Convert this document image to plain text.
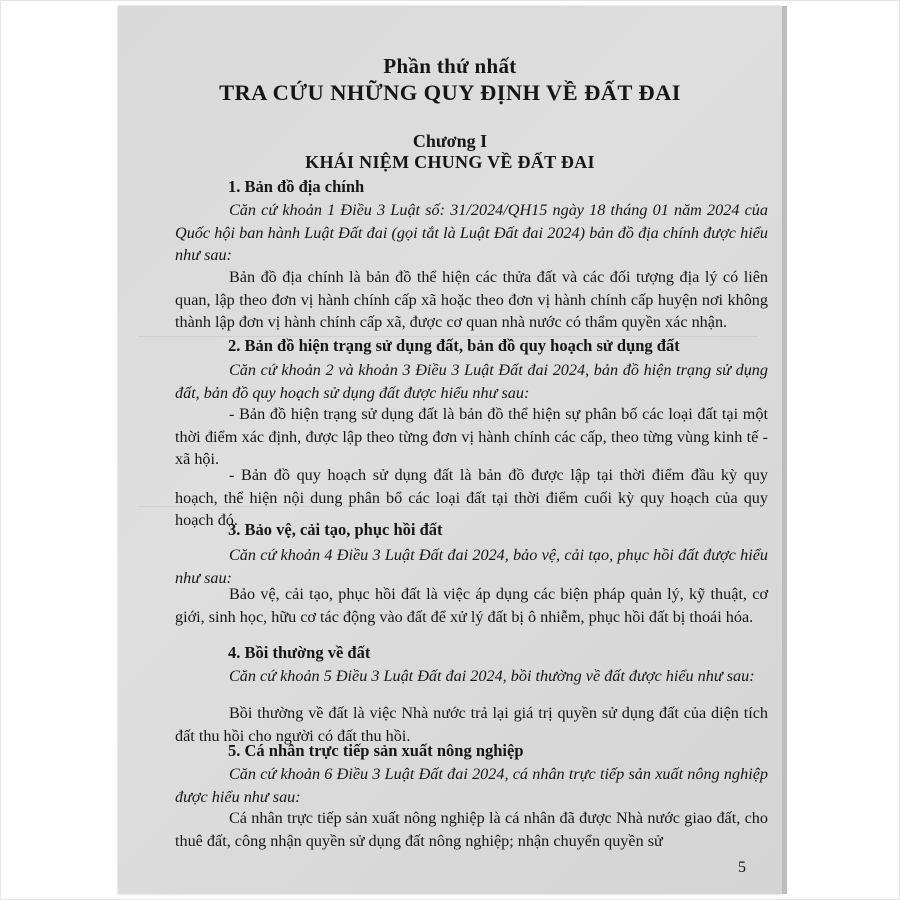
Phần thứ nhất
TRA CỨU NHỮNG QUY ĐỊNH VỀ ĐẤT ĐAI
Chương I
KHÁI NIỆM CHUNG VỀ ĐẤT ĐAI
1. Bản đồ địa chính
Căn cứ khoản 1 Điều 3 Luật số: 31/2024/QH15 ngày 18 tháng 01 năm 2024 của Quốc hội ban hành Luật Đất đai (gọi tắt là Luật Đất đai 2024) bản đồ địa chính được hiểu như sau:
Bản đồ địa chính là bản đồ thể hiện các thửa đất và các đối tượng địa lý có liên quan, lập theo đơn vị hành chính cấp xã hoặc theo đơn vị hành chính cấp huyện nơi không thành lập đơn vị hành chính cấp xã, được cơ quan nhà nước có thẩm quyền xác nhận.
2. Bản đồ hiện trạng sử dụng đất, bản đồ quy hoạch sử dụng đất
Căn cứ khoản 2 và khoản 3 Điều 3 Luật Đất đai 2024, bản đồ hiện trạng sử dụng đất, bản đồ quy hoạch sử dụng đất được hiểu như sau:
- Bản đồ hiện trạng sử dụng đất là bản đồ thể hiện sự phân bố các loại đất tại một thời điểm xác định, được lập theo từng đơn vị hành chính các cấp, theo từng vùng kinh tế - xã hội.
- Bản đồ quy hoạch sử dụng đất là bản đồ được lập tại thời điểm đầu kỳ quy hoạch, thể hiện nội dung phân bổ các loại đất tại thời điểm cuối kỳ quy hoạch của quy hoạch đó.
3. Bảo vệ, cải tạo, phục hồi đất
Căn cứ khoản 4 Điều 3 Luật Đất đai 2024, bảo vệ, cải tạo, phục hồi đất được hiểu như sau:
Bảo vệ, cải tạo, phục hồi đất là việc áp dụng các biện pháp quản lý, kỹ thuật, cơ giới, sinh học, hữu cơ tác động vào đất để xử lý đất bị ô nhiễm, phục hồi đất bị thoái hóa.
4. Bồi thường về đất
Căn cứ khoản 5 Điều 3 Luật Đất đai 2024, bồi thường về đất được hiểu như sau:
Bồi thường về đất là việc Nhà nước trả lại giá trị quyền sử dụng đất của diện tích đất thu hồi cho người có đất thu hồi.
5. Cá nhân trực tiếp sản xuất nông nghiệp
Căn cứ khoản 6 Điều 3 Luật Đất đai 2024, cá nhân trực tiếp sản xuất nông nghiệp được hiểu như sau:
Cá nhân trực tiếp sản xuất nông nghiệp là cá nhân đã được Nhà nước giao đất, cho thuê đất, công nhận quyền sử dụng đất nông nghiệp; nhận chuyển quyền sử
5
